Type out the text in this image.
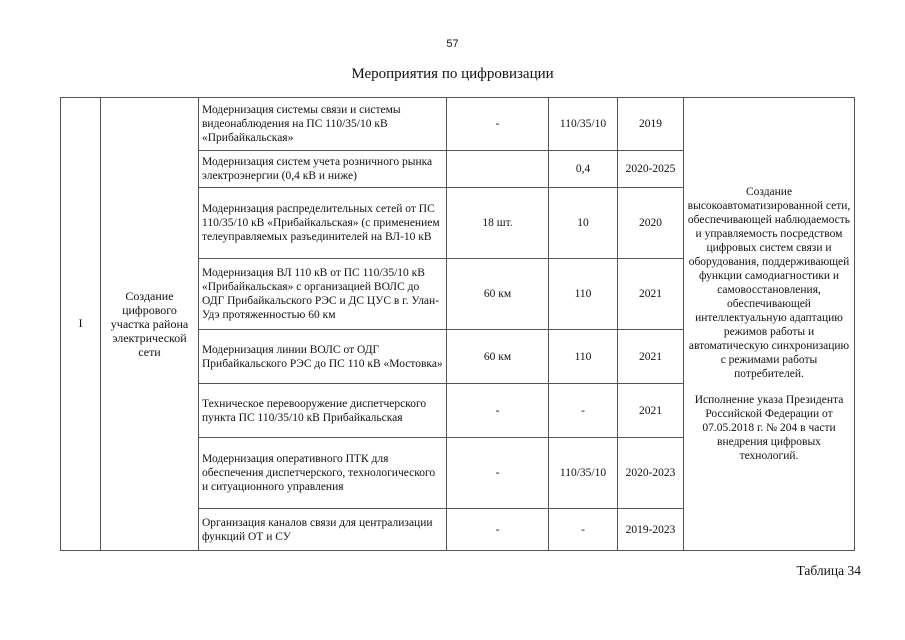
57
Мероприятия по цифровизации
I	Создание цифрового участка района электрической сети	Модернизация системы связи и системы видеонаблюдения на ПС 110/35/10 кВ «Прибайкальская»	-	110/35/10	2019	Создание высокоавтоматизированной сети, обеспечивающей наблюдаемость и управляемость посредством цифровых систем связи и оборудования, поддерживающей функции самодиагностики и самовосстановления, обеспечивающей интеллектуальную адаптацию режимов работы и автоматическую синхронизацию с режимами работы потребителей.
Исполнение указа Президента Российской Федерации от 07.05.2018 г. № 204 в части внедрения цифровых технологий.

		Модернизация систем учета розничного рынка электроэнергии (0,4 кВ и ниже)		0,4	2020-2025	
		Модернизация распределительных сетей от ПС 110/35/10 кВ «Прибайкальская» (с применением телеуправляемых разъединителей на ВЛ-10 кВ	18 шт.	10	2020	
		Модернизация ВЛ 110 кВ от ПС 110/35/10 кВ «Прибайкальская» с организацией ВОЛС до ОДГ Прибайкальского РЭС и ДС ЦУС в г. Улан-Удэ протяженностью 60 км	60 км	110	2021	
		Модернизация линии ВОЛС от ОДГ Прибайкальского РЭС до ПС 110 кВ «Мостовка»	60 км	110	2021	
		Техническое перевооружение диспетчерского пункта ПС 110/35/10 кВ Прибайкальская	-	-	2021	
		Модернизация оперативного ПТК для обеспечения диспетчерского, технологического и ситуационного управления	-	110/35/10	2020-2023	
		Организация каналов связи для централизации функций ОТ и СУ	-	-	2019-2023	
Таблица 34
